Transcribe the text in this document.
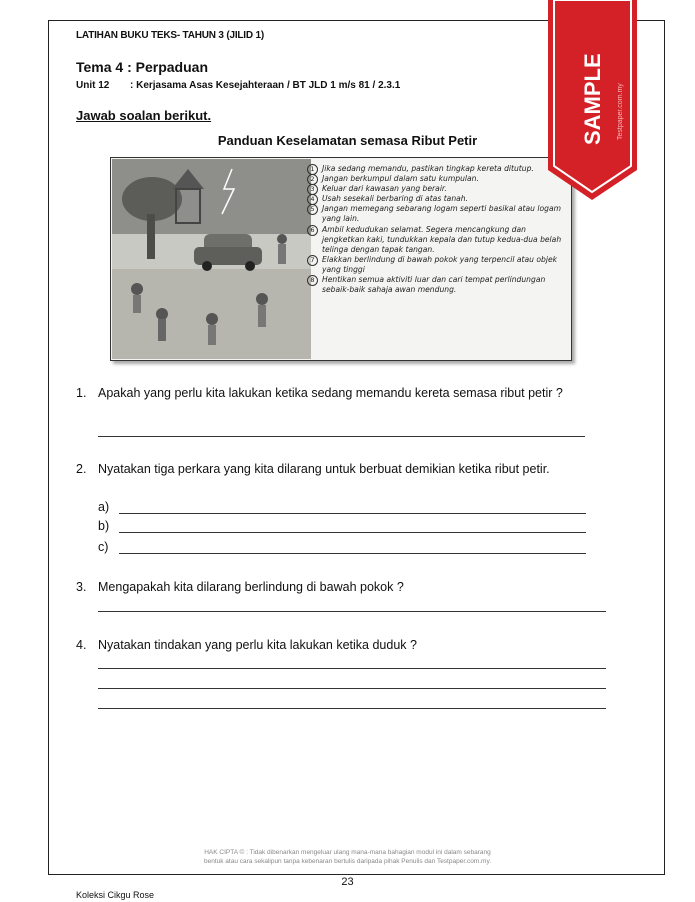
LATIHAN BUKU TEKS- TAHUN 3 (JILID 1)
Tema 4 : Perpaduan
Unit 12 : Kerjasama Asas Kesejahteraan / BT JLD 1 m/s 81 / 2.3.1
Jawab soalan berikut.
Panduan Keselamatan semasa Ribut Petir
1 Jika sedang memandu, pastikan tingkap kereta ditutup.
2 Jangan berkumpul dalam satu kumpulan.
3 Keluar dari kawasan yang berair.
4 Usah sesekali berbaring di atas tanah.
5 Jangan memegang sebarang logam seperti basikal atau logam yang lain.
6 Ambil kedudukan selamat. Segera mencangkung dan jengketkan kaki, tundukkan kepala dan tutup kedua-dua belah telinga dengan tapak tangan.
7 Elakkan berlindung di bawah pokok yang terpencil atau objek yang tinggi
8 Hentikan semua aktiviti luar dan cari tempat perlindungan sebaik-baik sahaja awan mendung.
1. Apakah yang perlu kita lakukan ketika sedang memandu kereta semasa ribut petir ?
2. Nyatakan tiga perkara yang kita dilarang untuk berbuat demikian ketika ribut petir.
a)
b)
c)
3. Mengapakah kita dilarang berlindung di bawah pokok ?
4. Nyatakan tindakan yang perlu kita lakukan ketika duduk ?
HAK CIPTA © : Tidak dibenarkan mengeluar ulang mana-mana bahagian modul ini dalam sebarang
bentuk atau cara sekalipun tanpa kebenaran bertulis daripada pihak Penulis dan Testpaper.com.my.
23
Koleksi Cikgu Rose
SAMPLE Testpaper.com.my
